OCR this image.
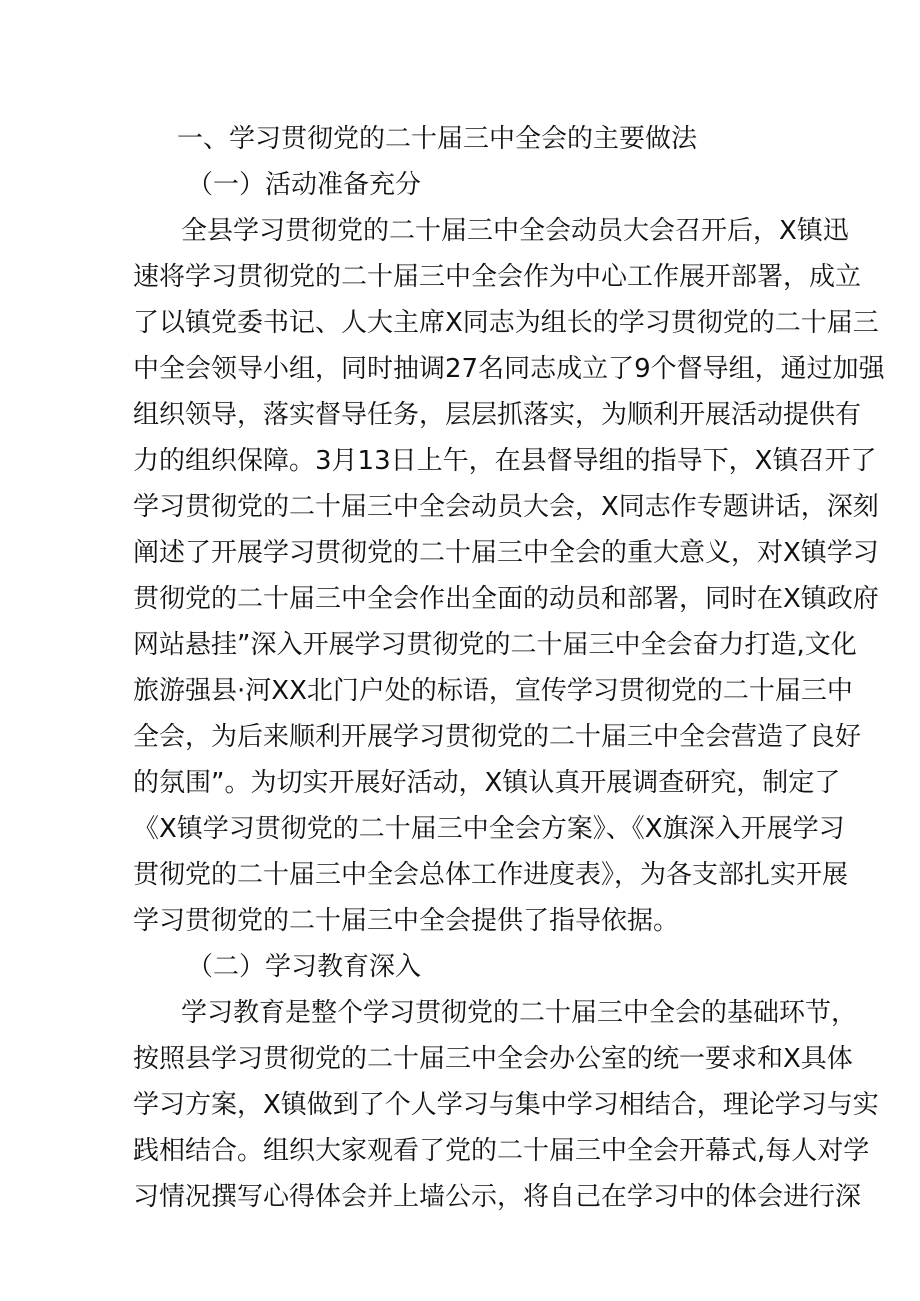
一、学习贯彻党的二十届三中全会的主要做法
（一）活动准备充分
全县学习贯彻党的二十届三中全会动员大会召开后，X镇迅
速将学习贯彻党的二十届三中全会作为中心工作展开部署，成立
了以镇党委书记、人大主席X同志为组长的学习贯彻党的二十届三
中全会领导小组，同时抽调27名同志成立了9个督导组，通过加强
组织领导，落实督导任务，层层抓落实，为顺利开展活动提供有
力的组织保障。3月13日上午，在县督导组的指导下，X镇召开了
学习贯彻党的二十届三中全会动员大会，X同志作专题讲话，深刻
阐述了开展学习贯彻党的二十届三中全会的重大意义，对X镇学习
贯彻党的二十届三中全会作出全面的动员和部署，同时在X镇政府
网站悬挂”深入开展学习贯彻党的二十届三中全会奋力打造,文化
旅游强县·河XX北门户处的标语，宣传学习贯彻党的二十届三中
全会，为后来顺利开展学习贯彻党的二十届三中全会营造了良好
的氛围”。为切实开展好活动，X镇认真开展调查研究，制定了
《X镇学习贯彻党的二十届三中全会方案》、《X旗深入开展学习
贯彻党的二十届三中全会总体工作进度表》，为各支部扎实开展
学习贯彻党的二十届三中全会提供了指导依据。
（二）学习教育深入
学习教育是整个学习贯彻党的二十届三中全会的基础环节，
按照县学习贯彻党的二十届三中全会办公室的统一要求和X具体
学习方案，X镇做到了个人学习与集中学习相结合，理论学习与实
践相结合。组织大家观看了党的二十届三中全会开幕式,每人对学
习情况撰写心得体会并上墙公示，将自己在学习中的体会进行深
